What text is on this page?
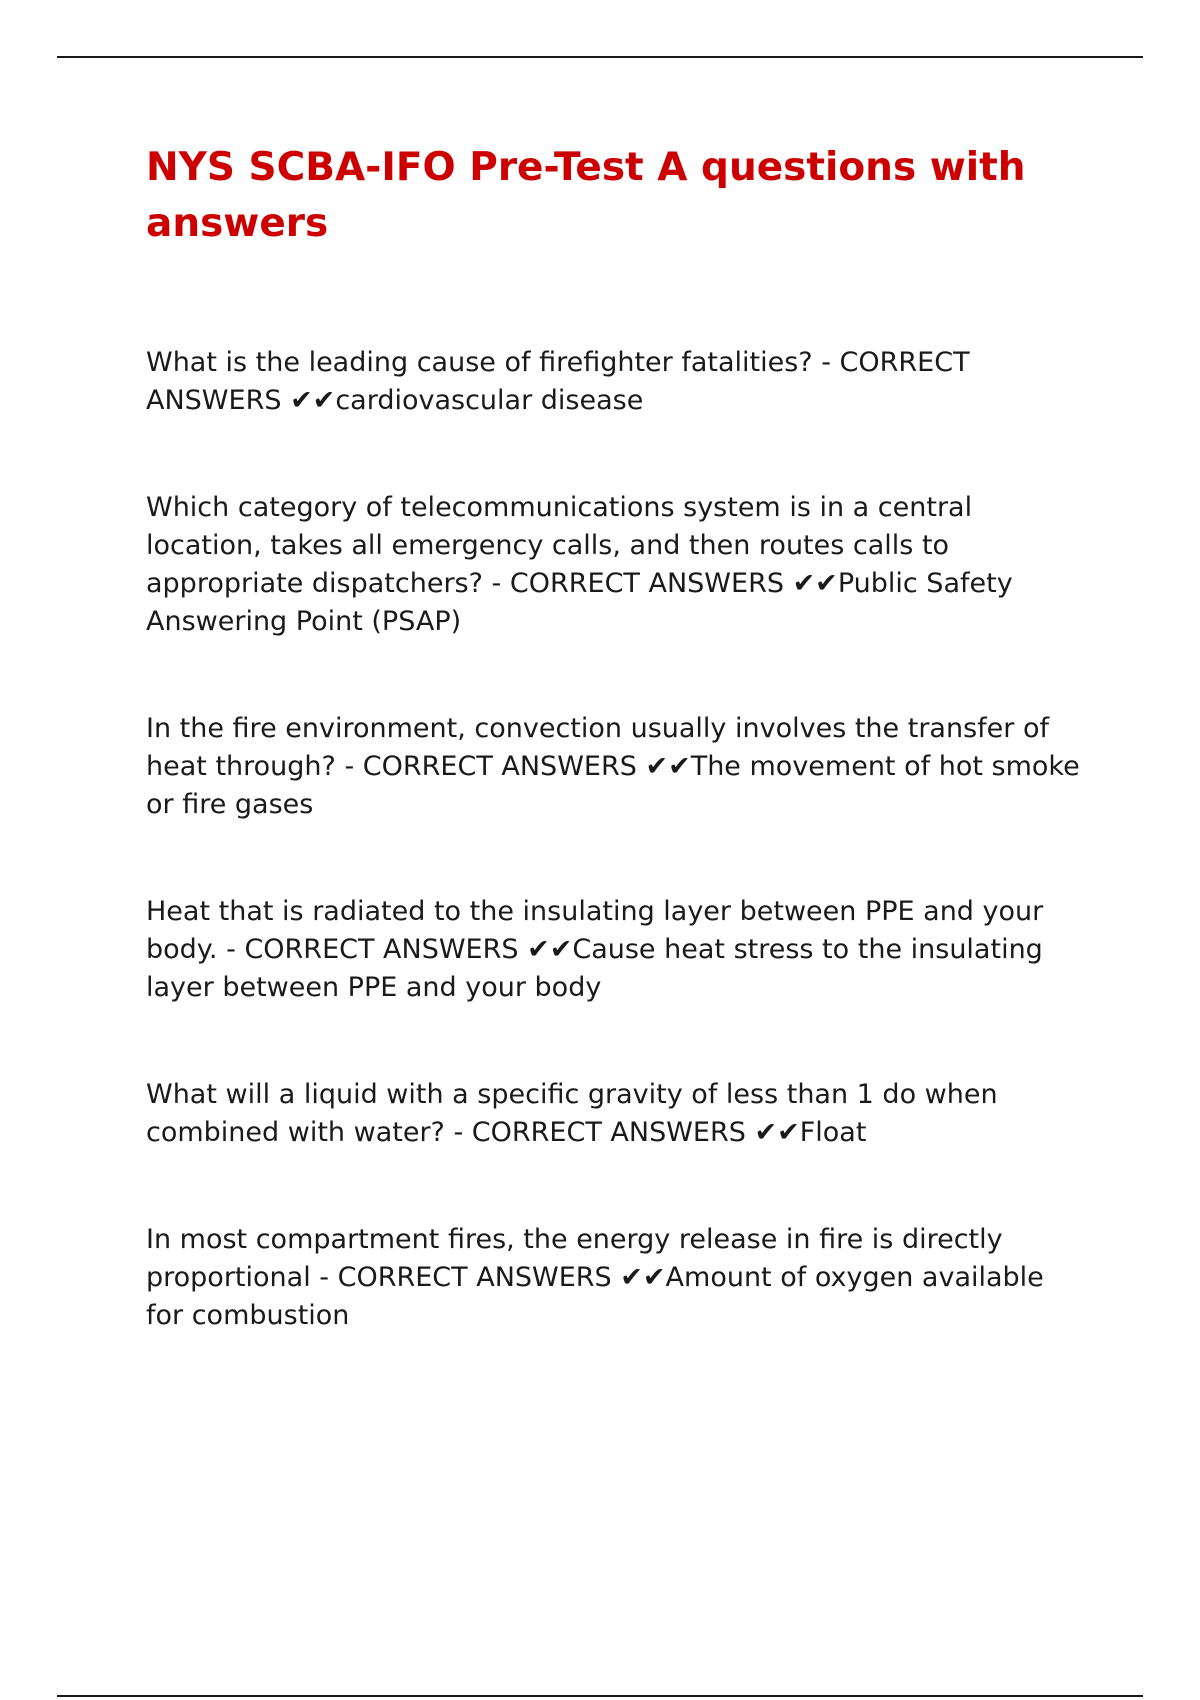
NYS SCBA-IFO Pre-Test A questions with answers

What is the leading cause of firefighter fatalities? - CORRECT ANSWERS ✔✔cardiovascular disease

Which category of telecommunications system is in a central location, takes all emergency calls, and then routes calls to appropriate dispatchers? - CORRECT ANSWERS ✔✔Public Safety Answering Point (PSAP)

In the fire environment, convection usually involves the transfer of heat through? - CORRECT ANSWERS ✔✔The movement of hot smoke or fire gases

Heat that is radiated to the insulating layer between PPE and your body. - CORRECT ANSWERS ✔✔Cause heat stress to the insulating layer between PPE and your body

What will a liquid with a specific gravity of less than 1 do when combined with water? - CORRECT ANSWERS ✔✔Float

In most compartment fires, the energy release in fire is directly proportional - CORRECT ANSWERS ✔✔Amount of oxygen available for combustion
